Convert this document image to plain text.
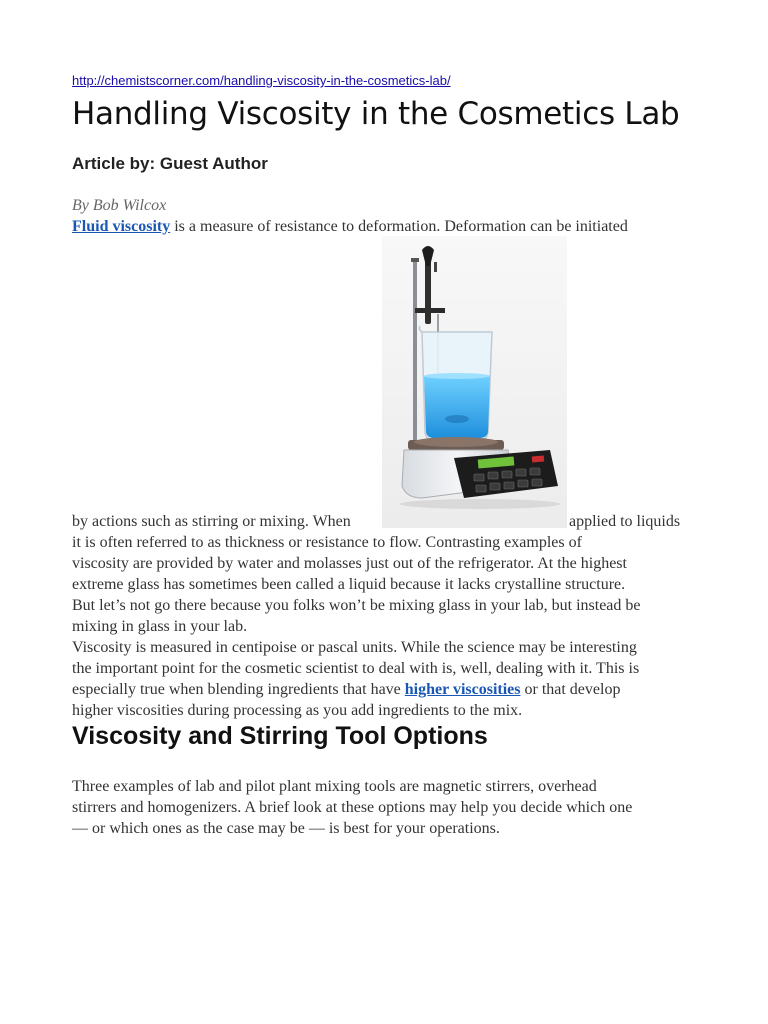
http://chemistscorner.com/handling-viscosity-in-the-cosmetics-lab/
Handling Viscosity in the Cosmetics Lab
Article by: Guest Author
By Bob Wilcox
Fluid viscosity is a measure of resistance to deformation. Deformation can be initiated
by actions such as stirring or mixing. When	applied to liquids
it is often referred to as thickness or resistance to flow. Contrasting examples of
viscosity are provided by water and molasses just out of the refrigerator. At the highest
extreme glass has sometimes been called a liquid because it lacks crystalline structure.
But let’s not go there because you folks won’t be mixing glass in your lab, but instead be
mixing in glass in your lab.
Viscosity is measured in centipoise or pascal units. While the science may be interesting
the important point for the cosmetic scientist to deal with is, well, dealing with it. This is
especially true when blending ingredients that have higher viscosities or that develop
higher viscosities during processing as you add ingredients to the mix.
Viscosity and Stirring Tool Options
Three examples of lab and pilot plant mixing tools are magnetic stirrers, overhead
stirrers and homogenizers. A brief look at these options may help you decide which one
— or which ones as the case may be — is best for your operations.
